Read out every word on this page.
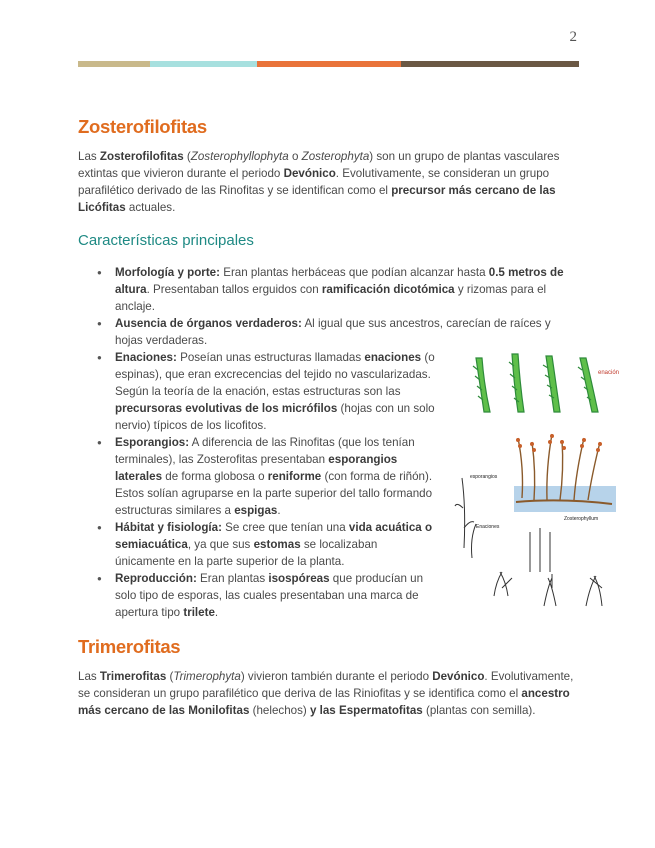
2
Zosterofilofitas

Las Zosterofilofitas (Zosterophyllophyta o Zosterophyta) son un grupo de plantas vasculares extintas que vivieron durante el periodo Devónico. Evolutivamente, se consideran un grupo parafilético derivado de las Rinofitas y se identifican como el precursor más cercano de las Licófitas actuales.

Características principales
● Morfología y porte: Eran plantas herbáceas que podían alcanzar hasta 0.5 metros de altura. Presentaban tallos erguidos con ramificación dicotómica y rizomas para el anclaje.
● Ausencia de órganos verdaderos: Al igual que sus ancestros, carecían de raíces y hojas verdaderas.
● Enaciones: Poseían unas estructuras llamadas enaciones (o espinas), que eran excrecencias del tejido no vascularizadas. Según la teoría de la enación, estas estructuras son las precursoras evolutivas de los micrófilos (hojas con un solo nervio) típicos de los licofitos.
● Esporangios: A diferencia de las Rinofitas (que los tenían terminales), las Zosterofitas presentaban esporangios laterales de forma globosa o reniforme (con forma de riñón). Estos solían agruparse en la parte superior del tallo formando estructuras similares a espigas.
● Hábitat y fisiología: Se cree que tenían una vida acuática o semiacuática, ya que sus estomas se localizaban únicamente en la parte superior de la planta.
● Reproducción: Eran plantas isospóreas que producían un solo tipo de esporas, las cuales presentaban una marca de apertura tipo trilete.
enación
esporangios
Enaciones
Zosterophyllum
Trimerofitas

Las Trimerofitas (Trimerophyta) vivieron también durante el periodo Devónico. Evolutivamente, se consideran un grupo parafilético que deriva de las Riniofitas y se identifica como el ancestro más cercano de las Monilofitas (helechos) y las Espermatofitas (plantas con semilla).
